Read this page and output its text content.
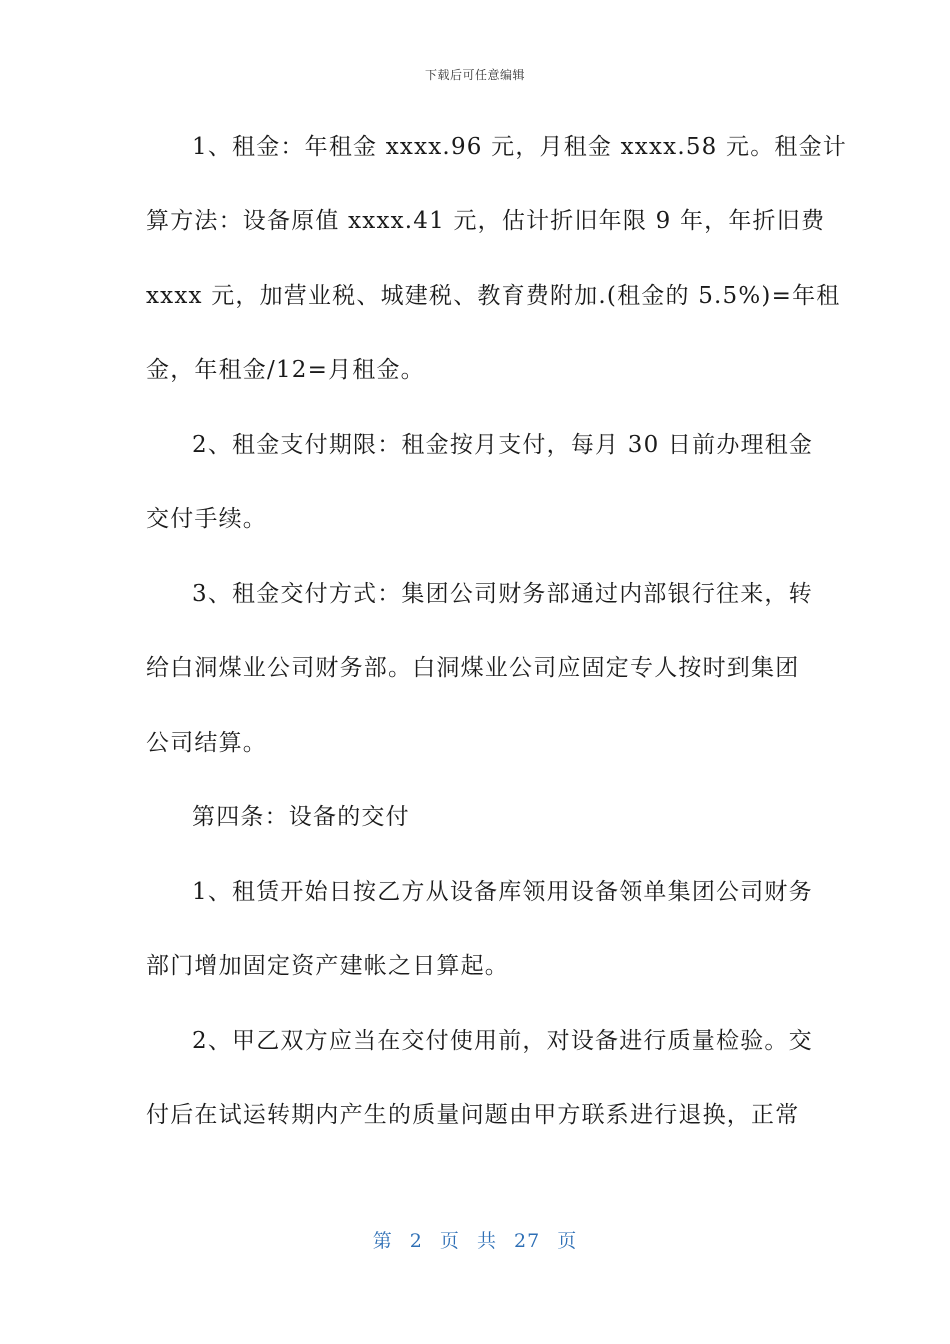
下载后可任意编辑
1、租金：年租金 xxxx.96 元，月租金 xxxx.58 元。租金计
算方法：设备原值 xxxx.41 元，估计折旧年限 9 年，年折旧费
xxxx 元，加营业税、城建税、教育费附加.(租金的 5.5%)=年租
金，年租金/12=月租金。
2、租金支付期限：租金按月支付，每月 30 日前办理租金
交付手续。
3、租金交付方式：集团公司财务部通过内部银行往来，转
给白洞煤业公司财务部。白洞煤业公司应固定专人按时到集团
公司结算。
第四条：设备的交付
1、租赁开始日按乙方从设备库领用设备领单集团公司财务
部门增加固定资产建帐之日算起。
2、甲乙双方应当在交付使用前，对设备进行质量检验。交
付后在试运转期内产生的质量问题由甲方联系进行退换，正常
第 2 页 共 27 页
